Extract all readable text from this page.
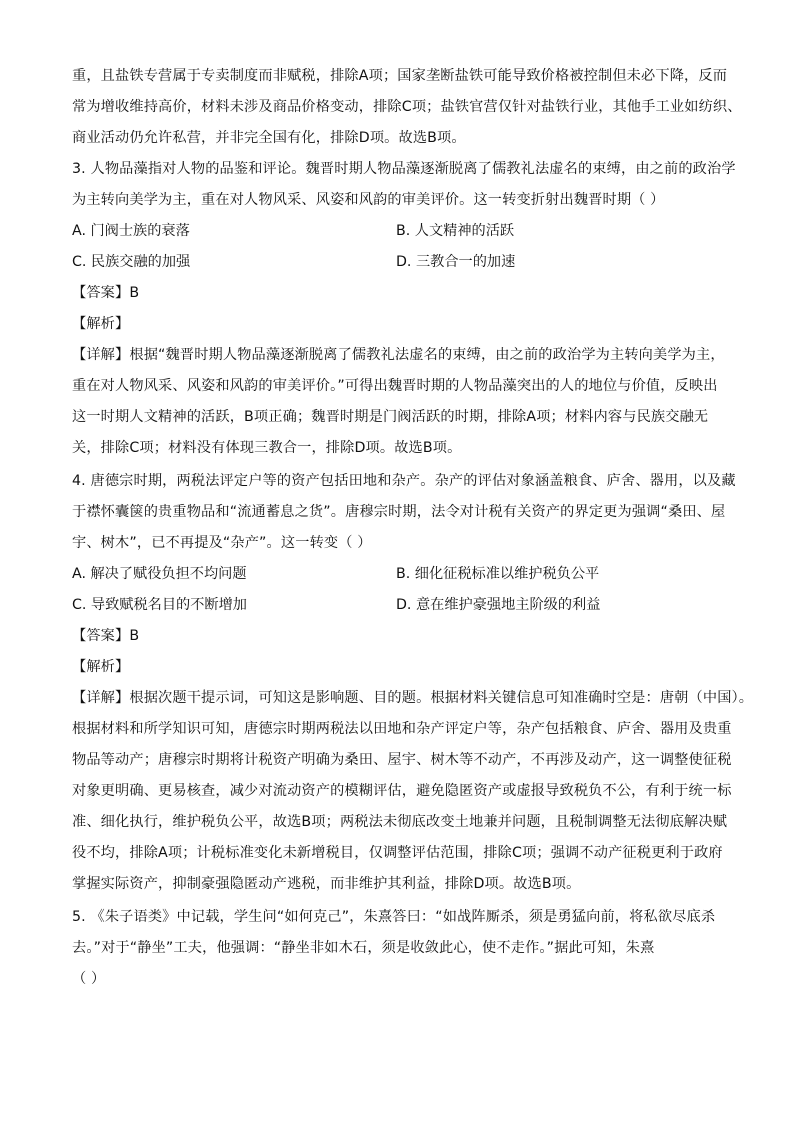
重，且盐铁专营属于专卖制度而非赋税，排除A项；国家垄断盐铁可能导致价格被控制但未必下降，反而
常为增收维持高价，材料未涉及商品价格变动，排除C项；盐铁官营仅针对盐铁行业，其他手工业如纺织、
商业活动仍允许私营，并非完全国有化，排除D项。故选B项。
3. 人物品藻指对人物的品鉴和评论。魏晋时期人物品藻逐渐脱离了儒教礼法虚名的束缚，由之前的政治学
为主转向美学为主，重在对人物风采、风姿和风韵的审美评价。这一转变折射出魏晋时期（ ）
A. 门阀士族的衰落	B. 人文精神的活跃
C. 民族交融的加强	D. 三教合一的加速
【答案】B
【解析】
【详解】根据“魏晋时期人物品藻逐渐脱离了儒教礼法虚名的束缚，由之前的政治学为主转向美学为主，
重在对人物风采、风姿和风韵的审美评价。”可得出魏晋时期的人物品藻突出的人的地位与价值，反映出
这一时期人文精神的活跃，B项正确；魏晋时期是门阀活跃的时期，排除A项；材料内容与民族交融无
关，排除C项；材料没有体现三教合一，排除D项。故选B项。
4. 唐德宗时期，两税法评定户等的资产包括田地和杂产。杂产的评估对象涵盖粮食、庐舍、器用，以及藏
于襟怀囊箧的贵重物品和“流通蓄息之货”。唐穆宗时期，法令对计税有关资产的界定更为强调“桑田、屋
宇、树木”，已不再提及“杂产”。这一转变（ ）
A. 解决了赋役负担不均问题	B. 细化征税标准以维护税负公平
C. 导致赋税名目的不断增加	D. 意在维护豪强地主阶级的利益
【答案】B
【解析】
【详解】根据次题干提示词，可知这是影响题、目的题。根据材料关键信息可知准确时空是：唐朝（中国）。
根据材料和所学知识可知，唐德宗时期两税法以田地和杂产评定户等，杂产包括粮食、庐舍、器用及贵重
物品等动产；唐穆宗时期将计税资产明确为桑田、屋宇、树木等不动产，不再涉及动产，这一调整使征税
对象更明确、更易核查，减少对流动资产的模糊评估，避免隐匿资产或虚报导致税负不公，有利于统一标
准、细化执行，维护税负公平，故选B项；两税法未彻底改变土地兼并问题，且税制调整无法彻底解决赋
役不均，排除A项；计税标准变化未新增税目，仅调整评估范围，排除C项；强调不动产征税更利于政府
掌握实际资产，抑制豪强隐匿动产逃税，而非维护其利益，排除D项。故选B项。
5. 《朱子语类》中记载，学生问“如何克己”，朱熹答曰：“如战阵厮杀，须是勇猛向前，将私欲尽底杀
去。”对于“静坐”工夫，他强调：“静坐非如木石，须是收敛此心，使不走作。”据此可知，朱熹
（ ）
